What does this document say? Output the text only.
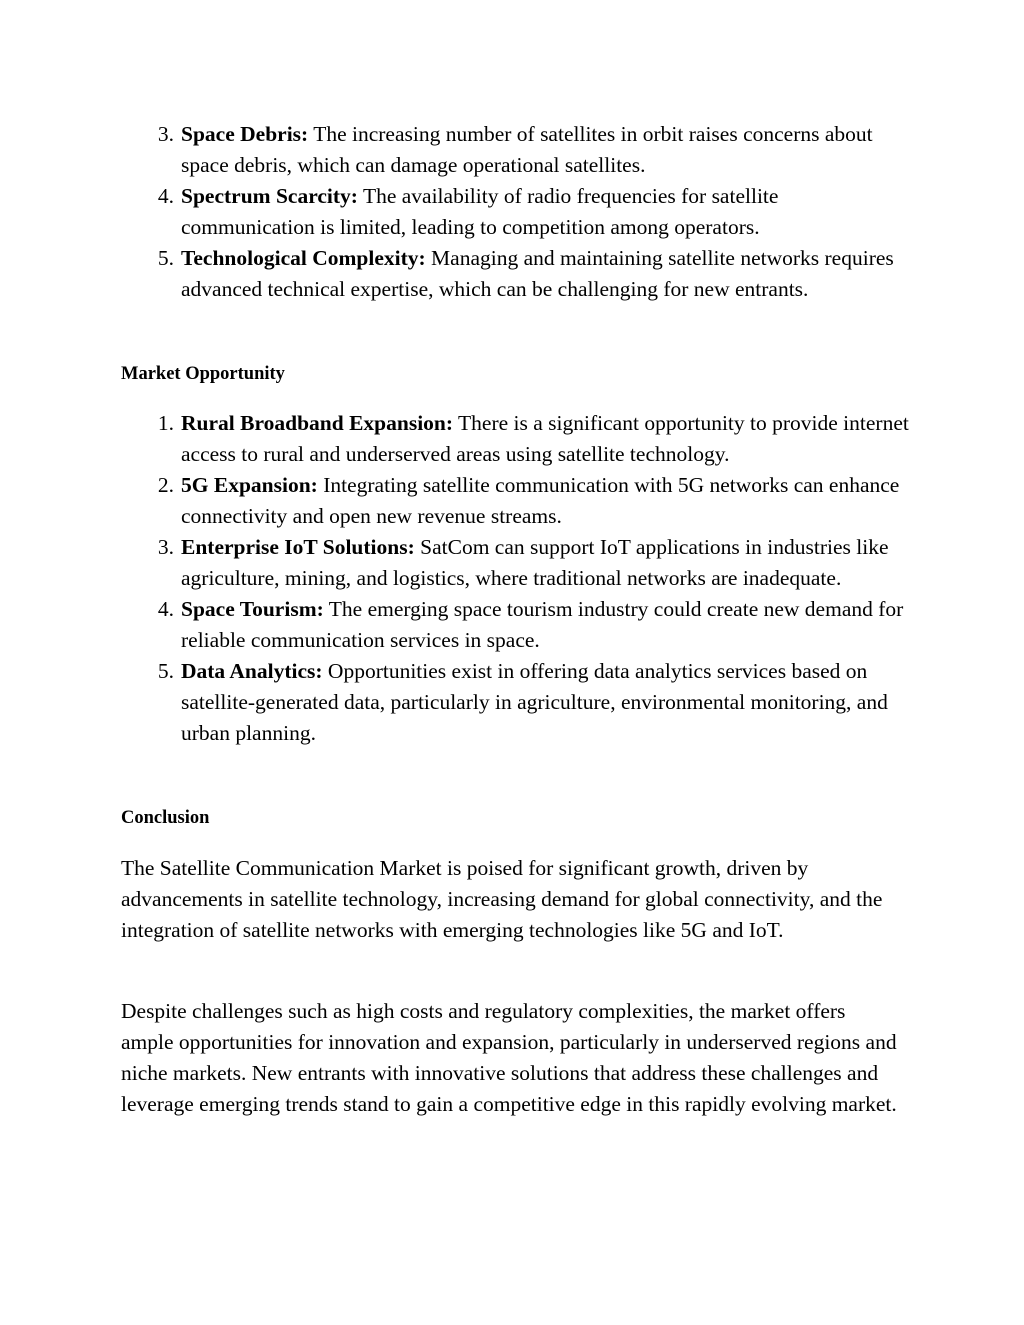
3. Space Debris: The increasing number of satellites in orbit raises concerns about space debris, which can damage operational satellites.
4. Spectrum Scarcity: The availability of radio frequencies for satellite communication is limited, leading to competition among operators.
5. Technological Complexity: Managing and maintaining satellite networks requires advanced technical expertise, which can be challenging for new entrants.
Market Opportunity
1. Rural Broadband Expansion: There is a significant opportunity to provide internet access to rural and underserved areas using satellite technology.
2. 5G Expansion: Integrating satellite communication with 5G networks can enhance connectivity and open new revenue streams.
3. Enterprise IoT Solutions: SatCom can support IoT applications in industries like agriculture, mining, and logistics, where traditional networks are inadequate.
4. Space Tourism: The emerging space tourism industry could create new demand for reliable communication services in space.
5. Data Analytics: Opportunities exist in offering data analytics services based on satellite-generated data, particularly in agriculture, environmental monitoring, and urban planning.
Conclusion

The Satellite Communication Market is poised for significant growth, driven by advancements in satellite technology, increasing demand for global connectivity, and the integration of satellite networks with emerging technologies like 5G and IoT.

Despite challenges such as high costs and regulatory complexities, the market offers ample opportunities for innovation and expansion, particularly in underserved regions and niche markets. New entrants with innovative solutions that address these challenges and leverage emerging trends stand to gain a competitive edge in this rapidly evolving market.
